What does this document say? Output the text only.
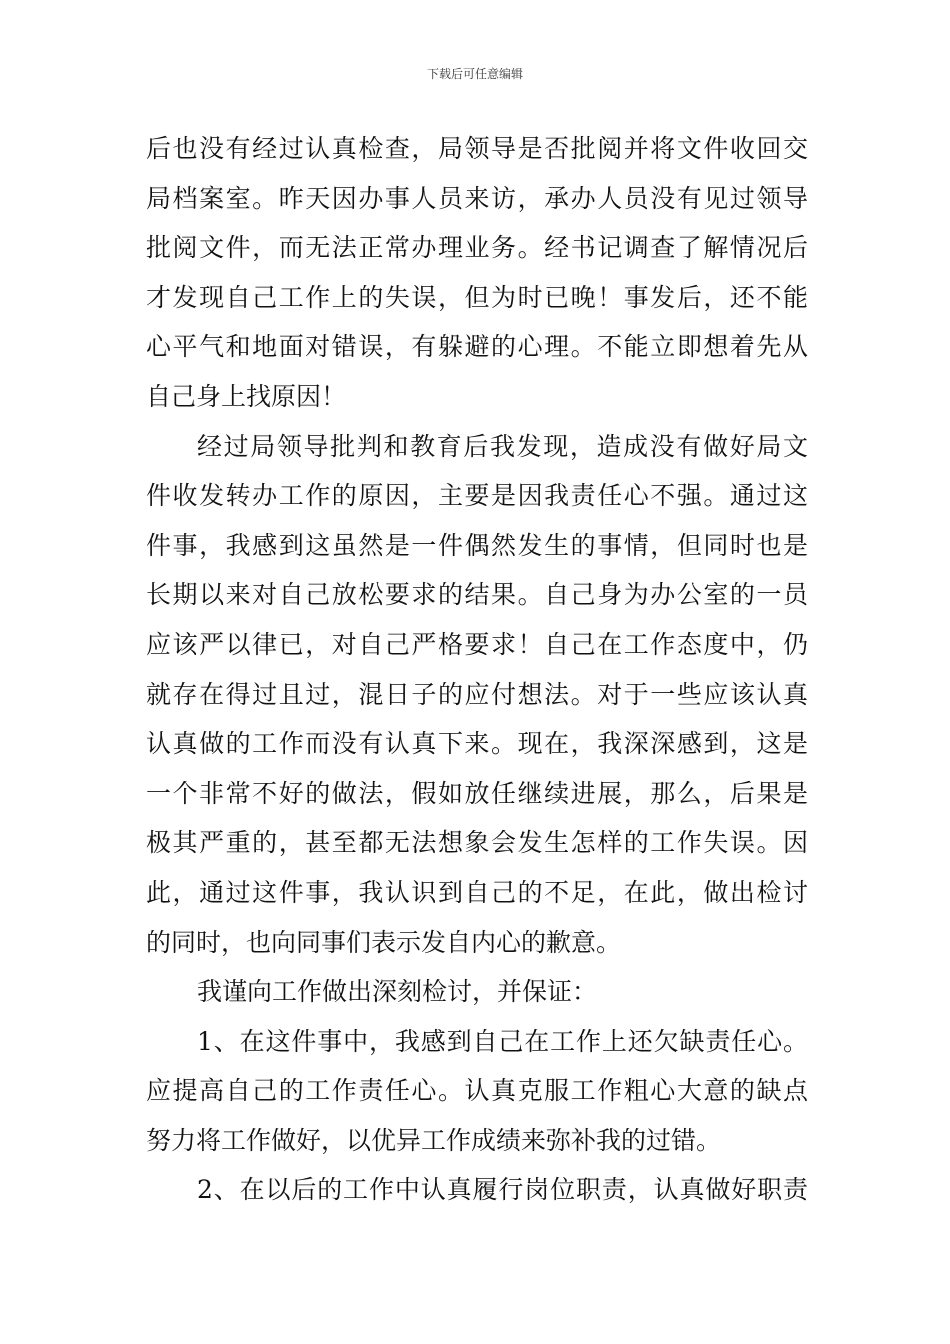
下载后可任意编辑
后也没有经过认真检查，局领导是否批阅并将文件收回交
局档案室。昨天因办事人员来访，承办人员没有见过领导
批阅文件，而无法正常办理业务。经书记调查了解情况后
才发现自己工作上的失误，但为时已晚！事发后，还不能
心平气和地面对错误，有躲避的心理。不能立即想着先从
自己身上找原因！
经过局领导批判和教育后我发现，造成没有做好局文
件收发转办工作的原因，主要是因我责任心不强。通过这
件事，我感到这虽然是一件偶然发生的事情，但同时也是
长期以来对自己放松要求的结果。自己身为办公室的一员
应该严以律已，对自己严格要求！自己在工作态度中，仍
就存在得过且过，混日子的应付想法。对于一些应该认真
认真做的工作而没有认真下来。现在，我深深感到，这是
一个非常不好的做法，假如放任继续进展，那么，后果是
极其严重的，甚至都无法想象会发生怎样的工作失误。因
此，通过这件事，我认识到自己的不足，在此，做出检讨
的同时，也向同事们表示发自内心的歉意。
我谨向工作做出深刻检讨，并保证：
1、在这件事中，我感到自己在工作上还欠缺责任心。
应提高自己的工作责任心。认真克服工作粗心大意的缺点
努力将工作做好，以优异工作成绩来弥补我的过错。
2、在以后的工作中认真履行岗位职责，认真做好职责
